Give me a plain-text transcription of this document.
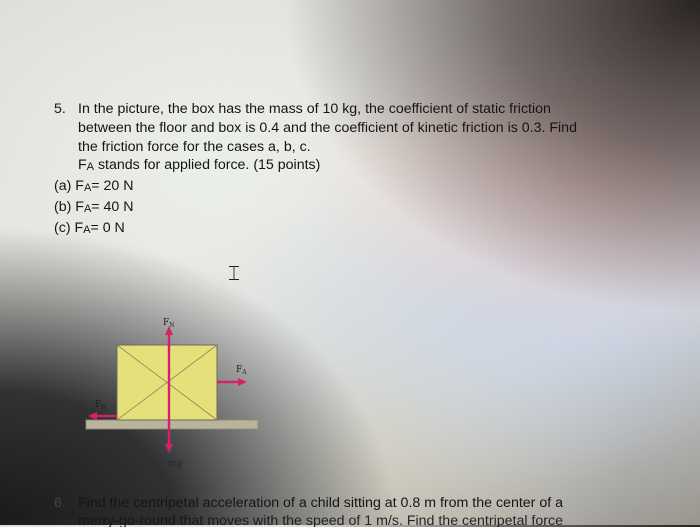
5. In the picture, the box has the mass of 10 kg, the coefficient of static friction
between the floor and box is 0.4 and the coefficient of kinetic friction is 0.3. Find
the friction force for the cases a, b, c.
FA stands for applied force. (15 points)
(a) FA= 20 N
(b) FA= 40 N
(c) FA= 0 N
⌶
$F_N$
$F_A$
$F_{fr}$
mg
6. Find the centripetal acceleration of a child sitting at 0.8 m from the center of a
merry-go-round that moves with the speed of 1 m/s. Find the centripetal force
